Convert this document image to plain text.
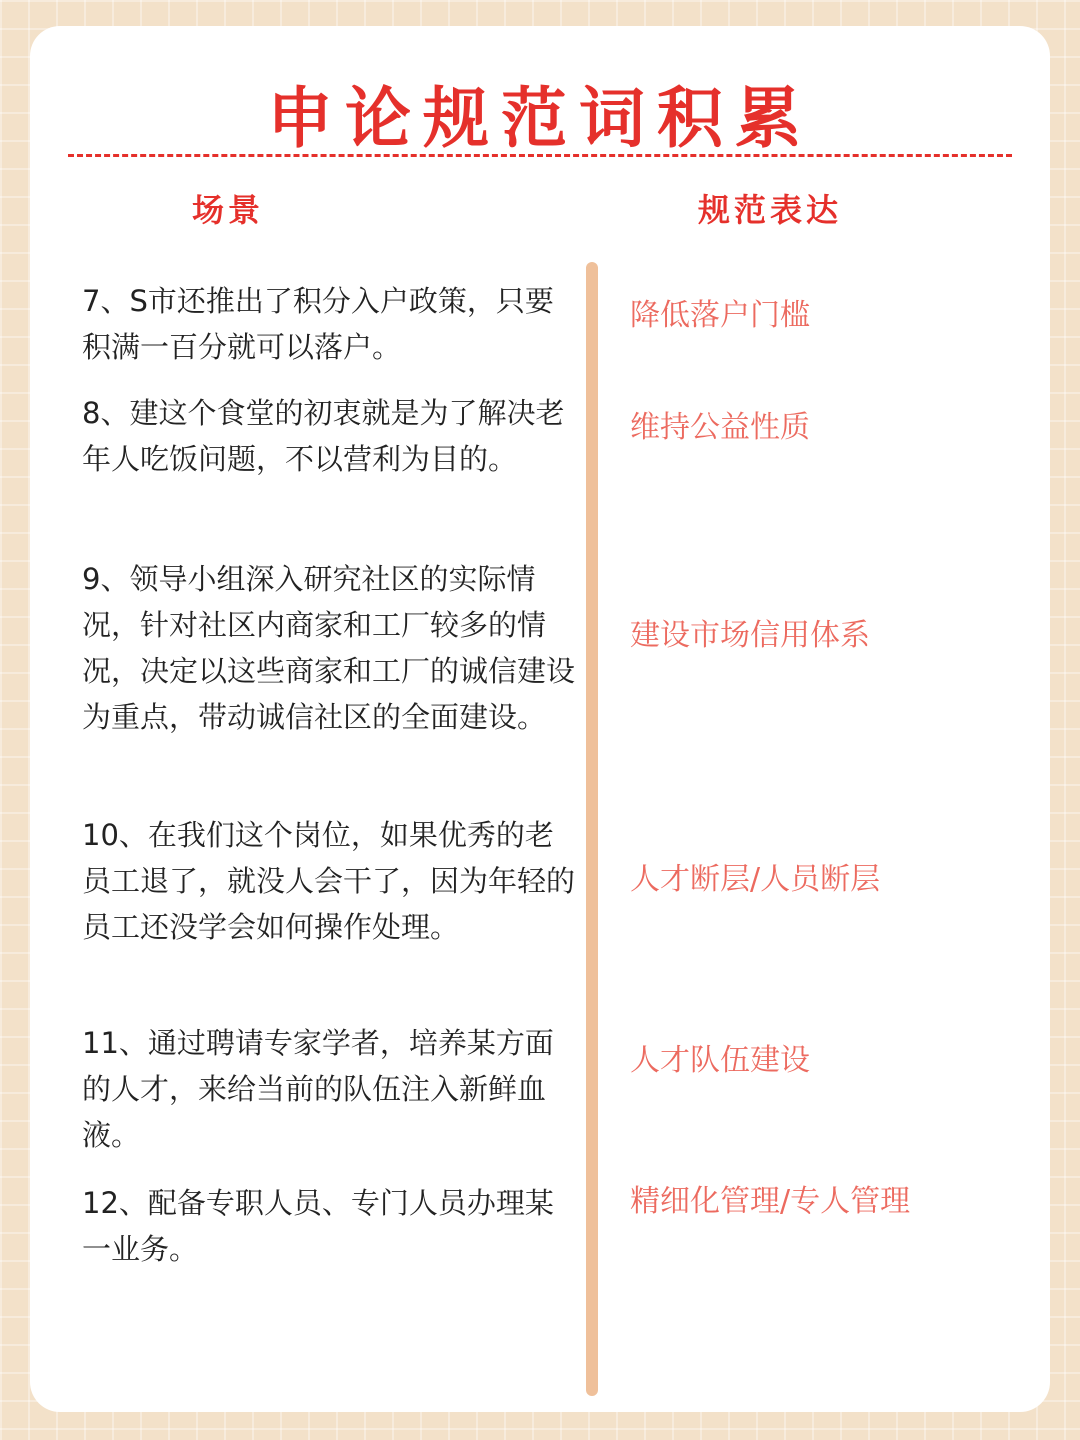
申论规范词积累
场景	规范表达
7、S市还推出了积分入户政策，只要积满一百分就可以落户。
降低落户门槛
8、建这个食堂的初衷就是为了解决老年人吃饭问题，不以营利为目的。
维持公益性质
9、领导小组深入研究社区的实际情况，针对社区内商家和工厂较多的情况，决定以这些商家和工厂的诚信建设为重点，带动诚信社区的全面建设。
建设市场信用体系
10、在我们这个岗位，如果优秀的老员工退了，就没人会干了，因为年轻的员工还没学会如何操作处理。
人才断层/人员断层
11、通过聘请专家学者，培养某方面的人才，来给当前的队伍注入新鲜血液。
人才队伍建设
12、配备专职人员、专门人员办理某一业务。
精细化管理/专人管理
